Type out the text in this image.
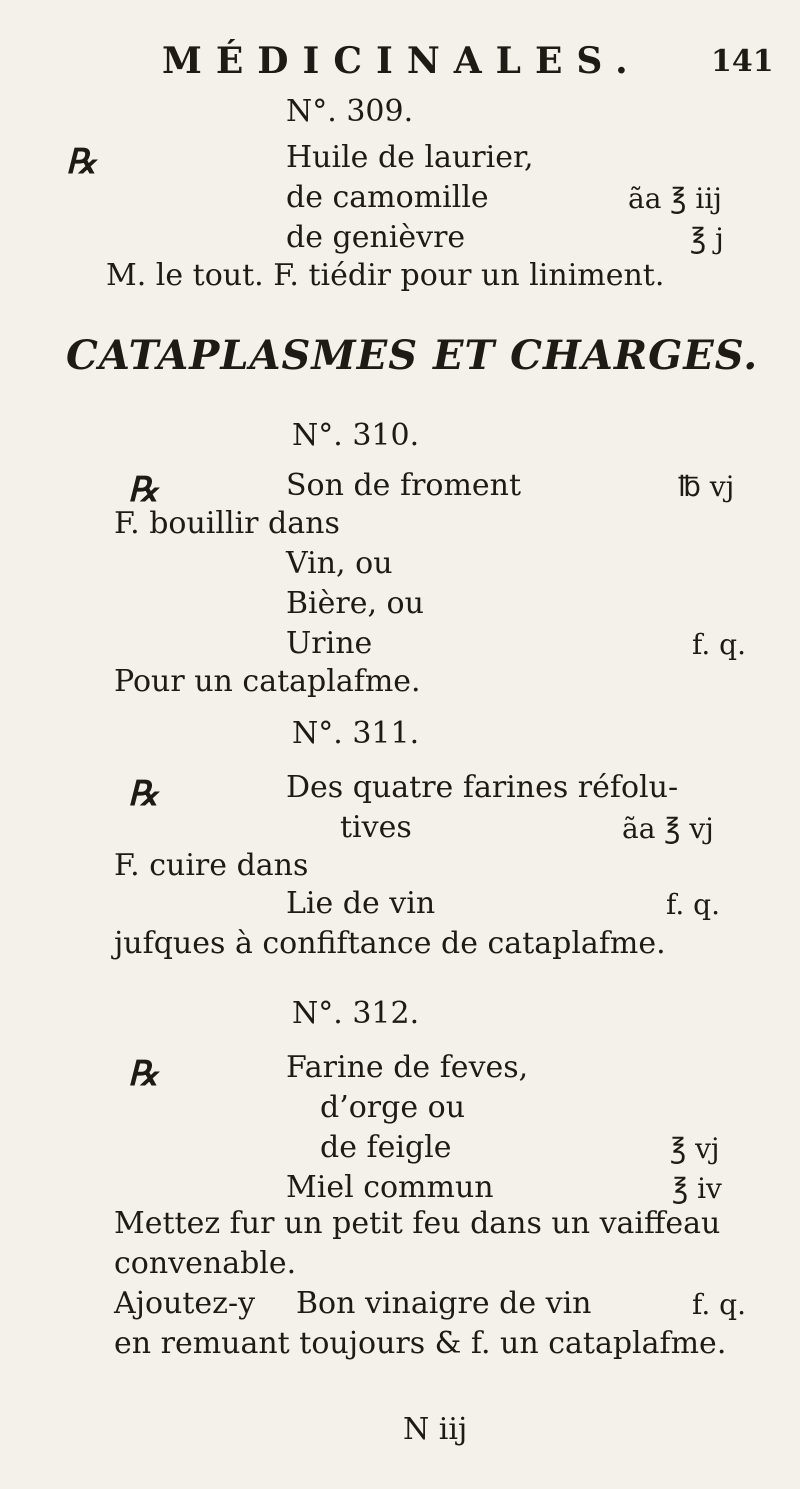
MÉDICINALES. 141
N°. 309.
℞	Huile de laurier,
de camomille	ãa ℥ iij
de genièvre	℥ j
M. le tout. F. tiédir pour un liniment.
CATAPLASMES ET CHARGES.
N°. 310.
℞	Son de froment	℔ vj
F. bouillir dans
Vin, ou
Bière, ou
Urine	f. q.
Pour un cataplafme.
N°. 311.
℞	Des quatre farines réfolu-
tives	ãa ℥ vj
F. cuire dans
Lie de vin	f. q.
jufques à confiftance de cataplafme.
N°. 312.
℞	Farine de feves,
d’orge ou
de feigle	℥ vj
Miel commun	℥ iv
Mettez fur un petit feu dans un vaiffeau
convenable.
Ajoutez-y Bon vinaigre de vin	f. q.
en remuant toujours & f. un cataplafme.
N iij
